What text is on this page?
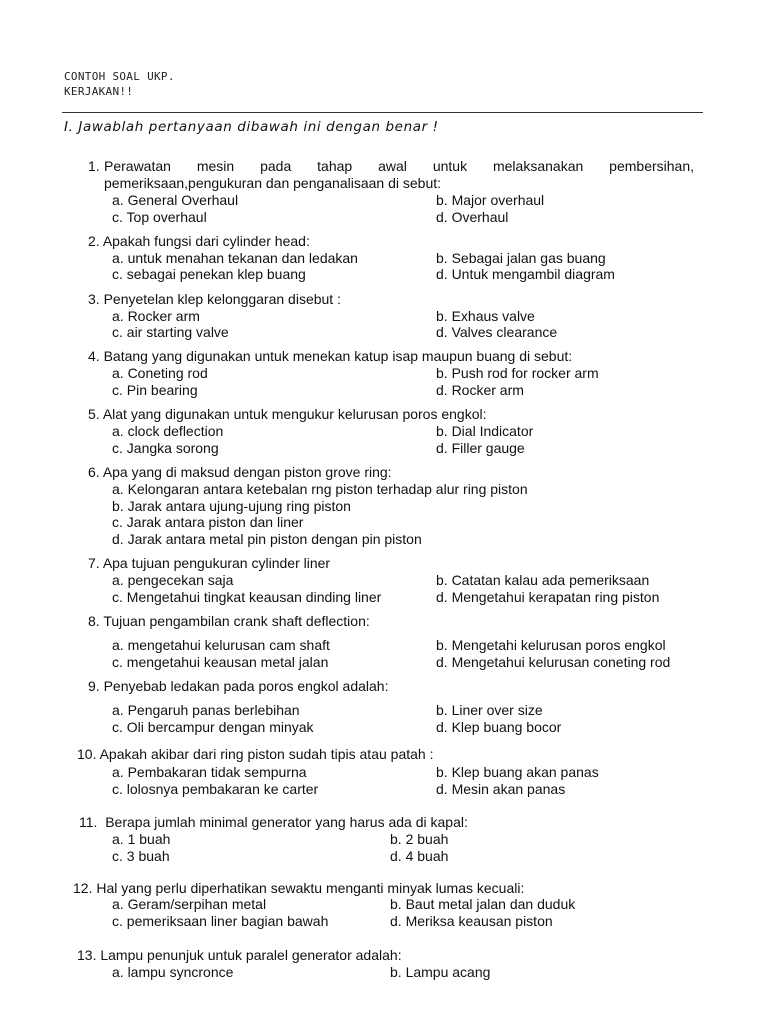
CONTOH SOAL UKP.
KERJAKAN!!
I. Jawablah pertanyaan dibawah ini dengan benar !
1. Perawatan mesin pada tahap awal untuk melaksanakan pembersihan,
pemeriksaan,pengukuran dan penganalisaan di sebut:
a. General Overhaul	b. Major overhaul
c. Top overhaul	d. Overhaul
2. Apakah fungsi dari cylinder head:
a. untuk menahan tekanan dan ledakan	b. Sebagai jalan gas buang
c. sebagai penekan klep buang	d. Untuk mengambil diagram
3. Penyetelan klep kelonggaran disebut :
a. Rocker arm	b. Exhaus valve
c. air starting valve	d. Valves clearance
4. Batang yang digunakan untuk menekan katup isap maupun buang di sebut:
a. Coneting rod	b. Push rod for rocker arm
c. Pin bearing	d. Rocker arm
5. Alat yang digunakan untuk mengukur kelurusan poros engkol:
a. clock deflection	b. Dial Indicator
c. Jangka sorong	d. Filler gauge
6. Apa yang di maksud dengan piston grove ring:
a. Kelongaran antara ketebalan rng piston terhadap alur ring piston
b. Jarak antara ujung-ujung ring piston
c. Jarak antara piston dan liner
d. Jarak antara metal pin piston dengan pin piston
7. Apa tujuan pengukuran cylinder liner
a. pengecekan saja	b. Catatan kalau ada pemeriksaan
c. Mengetahui tingkat keausan dinding liner	d. Mengetahui kerapatan ring piston
8. Tujuan pengambilan crank shaft deflection:
a. mengetahui kelurusan cam shaft	b. Mengetahi kelurusan poros engkol
c. mengetahui keausan metal jalan	d. Mengetahui kelurusan coneting rod
9. Penyebab ledakan pada poros engkol adalah:
a. Pengaruh panas berlebihan	b. Liner over size
c. Oli bercampur dengan minyak	d. Klep buang bocor
10. Apakah akibar dari ring piston sudah tipis atau patah :
a. Pembakaran tidak sempurna	b. Klep buang akan panas
c. lolosnya pembakaran ke carter	d. Mesin akan panas
11. Berapa jumlah minimal generator yang harus ada di kapal:
a. 1 buah	b. 2 buah
c. 3 buah	d. 4 buah
12. Hal yang perlu diperhatikan sewaktu menganti minyak lumas kecuali:
a. Geram/serpihan metal	b. Baut metal jalan dan duduk
c. pemeriksaan liner bagian bawah	d. Meriksa keausan piston
13. Lampu penunjuk untuk paralel generator adalah:
a. lampu syncronce	b. Lampu acang
